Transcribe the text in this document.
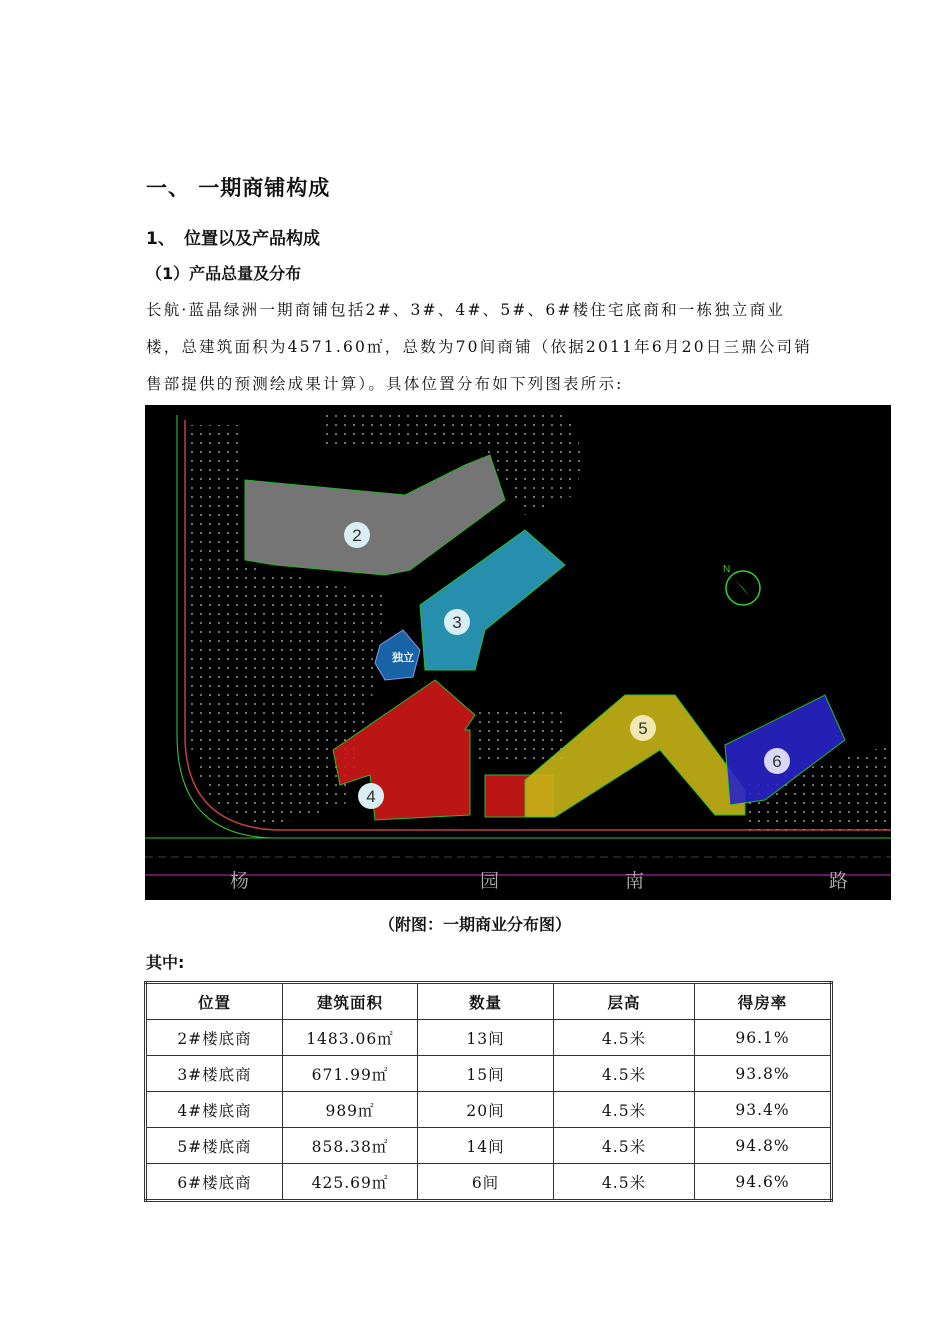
一、 一期商铺构成
1、 位置以及产品构成
（1）产品总量及分布

长航·蓝晶绿洲一期商铺包括2#、3#、4#、5#、6#楼住宅底商和一栋独立商业楼，总建筑面积为4571.60㎡，总数为70间商铺（依据2011年6月20日三鼎公司销售部提供的预测绘成果计算）。具体位置分布如下列图表所示:

2
3
4
5
6
独立
N
杨	园	南	路
（附图：一期商业分布图）
其中:
位置	建筑面积	数量	层高	得房率
2#楼底商	1483.06㎡	13间	4.5米	96.1%
3#楼底商	671.99㎡	15间	4.5米	93.8%
4#楼底商	989㎡	20间	4.5米	93.4%
5#楼底商	858.38㎡	14间	4.5米	94.8%
6#楼底商	425.69㎡	6间	4.5米	94.6%
